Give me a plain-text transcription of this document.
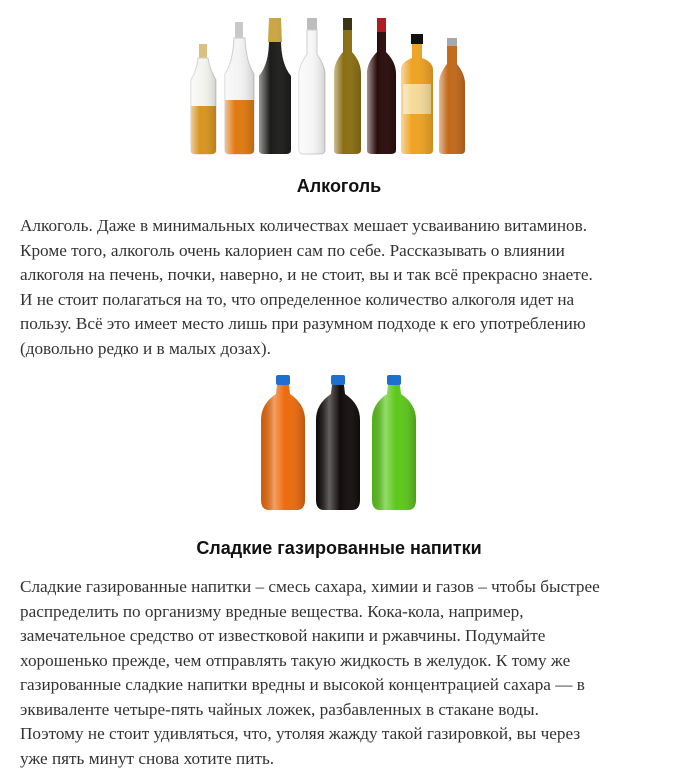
Алкоголь

Алкоголь. Даже в минимальных количествах мешает усваиванию витаминов.
Кроме того, алкоголь очень калориен сам по себе. Рассказывать о влиянии
алкоголя на печень, почки, наверно, и не стоит, вы и так всё прекрасно знаете.
И не стоит полагаться на то, что определенное количество алкоголя идет на
пользу. Всё это имеет место лишь при разумном подходе к его употреблению
(довольно редко и в малых дозах).

Сладкие газированные напитки

Сладкие газированные напитки – смесь сахара, химии и газов – чтобы быстрее
распределить по организму вредные вещества. Кока-кола, например,
замечательное средство от известковой накипи и ржавчины. Подумайте
хорошенько прежде, чем отправлять такую жидкость в желудок. К тому же
газированные сладкие напитки вредны и высокой концентрацией сахара — в
эквиваленте четыре-пять чайных ложек, разбавленных в стакане воды.
Поэтому не стоит удивляться, что, утоляя жажду такой газировкой, вы через
уже пять минут снова хотите пить.
